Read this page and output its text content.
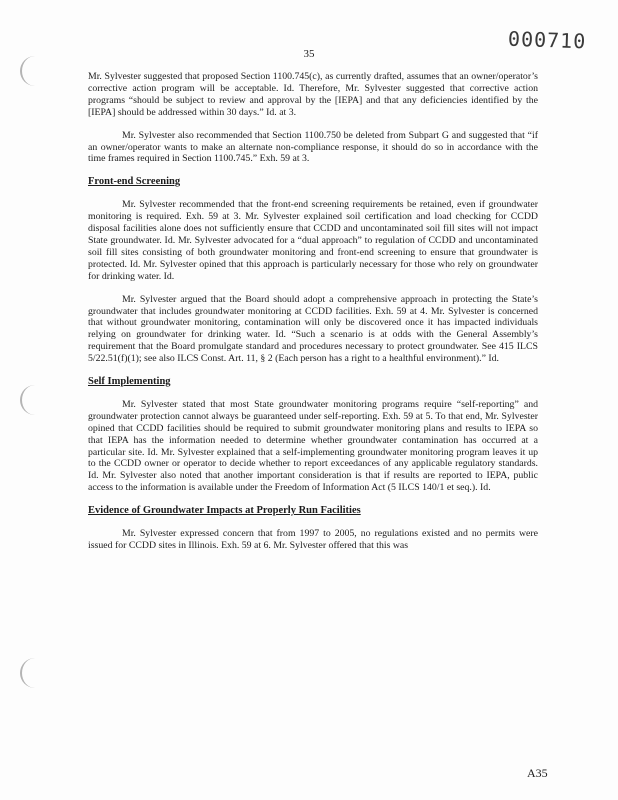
000710
35

Mr. Sylvester suggested that proposed Section 1100.745(c), as currently drafted, assumes that an owner/operator’s corrective action program will be acceptable. Id. Therefore, Mr. Sylvester suggested that corrective action programs “should be subject to review and approval by the [IEPA] and that any deficiencies identified by the [IEPA] should be addressed within 30 days.” Id. at 3.

Mr. Sylvester also recommended that Section 1100.750 be deleted from Subpart G and suggested that “if an owner/operator wants to make an alternate non-compliance response, it should do so in accordance with the time frames required in Section 1100.745.” Exh. 59 at 3.

Front-end Screening

Mr. Sylvester recommended that the front-end screening requirements be retained, even if groundwater monitoring is required. Exh. 59 at 3. Mr. Sylvester explained soil certification and load checking for CCDD disposal facilities alone does not sufficiently ensure that CCDD and uncontaminated soil fill sites will not impact State groundwater. Id. Mr. Sylvester advocated for a “dual approach” to regulation of CCDD and uncontaminated soil fill sites consisting of both groundwater monitoring and front-end screening to ensure that groundwater is protected. Id. Mr. Sylvester opined that this approach is particularly necessary for those who rely on groundwater for drinking water. Id.

Mr. Sylvester argued that the Board should adopt a comprehensive approach in protecting the State’s groundwater that includes groundwater monitoring at CCDD facilities. Exh. 59 at 4. Mr. Sylvester is concerned that without groundwater monitoring, contamination will only be discovered once it has impacted individuals relying on groundwater for drinking water. Id. “Such a scenario is at odds with the General Assembly’s requirement that the Board promulgate standard and procedures necessary to protect groundwater. See 415 ILCS 5/22.51(f)(1); see also ILCS Const. Art. 11, § 2 (Each person has a right to a healthful environment).” Id.

Self Implementing

Mr. Sylvester stated that most State groundwater monitoring programs require “self-reporting” and groundwater protection cannot always be guaranteed under self-reporting. Exh. 59 at 5. To that end, Mr. Sylvester opined that CCDD facilities should be required to submit groundwater monitoring plans and results to IEPA so that IEPA has the information needed to determine whether groundwater contamination has occurred at a particular site. Id. Mr. Sylvester explained that a self-implementing groundwater monitoring program leaves it up to the CCDD owner or operator to decide whether to report exceedances of any applicable regulatory standards. Id. Mr. Sylvester also noted that another important consideration is that if results are reported to IEPA, public access to the information is available under the Freedom of Information Act (5 ILCS 140/1 et seq.). Id.

Evidence of Groundwater Impacts at Properly Run Facilities

Mr. Sylvester expressed concern that from 1997 to 2005, no regulations existed and no permits were issued for CCDD sites in Illinois. Exh. 59 at 6. Mr. Sylvester offered that this was

A35
